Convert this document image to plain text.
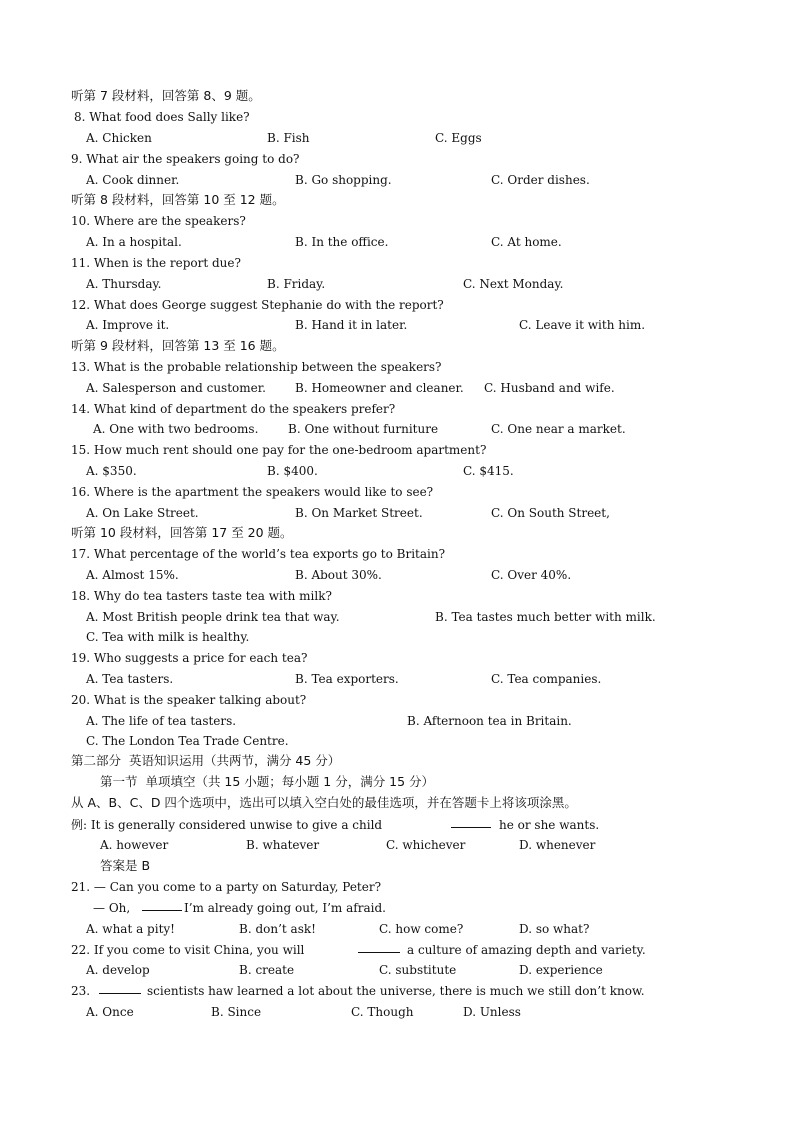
听第 7 段材料，回答第 8、9 题。
8. What food does Sally like?

A. Chicken

	B. Fish

	C. Eggs

9. What air the speakers going to do?

A. Cook dinner.

	B. Go shopping.

	C. Order dishes.

听第 8 段材料，回答第 10 至 12 题。
10. Where are the speakers?

A. In a hospital.

	B. In the office.

	C. At home.

11. When is the report due?

A. Thursday.

	B. Friday.

	C. Next Monday.

12. What does George suggest Stephanie do with the report?

A. Improve it.

	B. Hand it in later.

	C. Leave it with him.

听第 9 段材料，回答第 13 至 16 题。
13. What is the probable relationship between the speakers?

A. Salesperson and customer.

B. Homeowner and cleaner.

C. Husband and wife.

14. What kind of department do the speakers prefer?

A. One with two bedrooms.

B. One without furniture

	C. One near a market.

15. How much rent should one pay for the one-bedroom apartment?

A. $350.

	B. $400.

	C. $415.

16. Where is the apartment the speakers would like to see?

A. On Lake Street.

	B. On Market Street.

	C. On South Street,

听第 10 段材料，回答第 17 至 20 题。
17. What percentage of the world’s tea exports go to Britain?

A. Almost 15%.

	B. About 30%.

	C. Over 40%.

18. Why do tea tasters taste tea with milk?

A. Most British people drink tea that way.

	B. Tea tastes much better with milk.

C. Tea with milk is healthy.

19. Who suggests a price for each tea?

A. Tea tasters.

	B. Tea exporters.

	C. Tea companies.

20. What is the speaker talking about?

A. The life of tea tasters.

	B. Afternoon tea in Britain.

C. The London Tea Trade Centre.

第二部分  英语知识运用（共两节，满分 45 分）
第一节  单项填空（共 15 小题；每小题 1 分，满分 15 分）
从 A、B、C、D 四个选项中，选出可以填入空白处的最佳选项，并在答题卡上将该项涂黑。

例: It is generally considered unwise to give a child

	he or she wants.

A. however

	B. whatever

	C. whichever

	D. whenever

答案是 B
21. — Can you come to a party on Saturday, Peter?

— Oh,

	I’m already going out, I’m afraid.

A. what a pity!

	B. don’t ask!

	C. how come?

	D. so what?

22. If you come to visit China, you will

	a culture of amazing depth and variety.

A. develop

	B. create

	C. substitute

	D. experience

23.

	scientists haw learned a lot about the universe, there is much we still don’t know.

A. Once

	B. Since

	C. Though

	D. Unless
